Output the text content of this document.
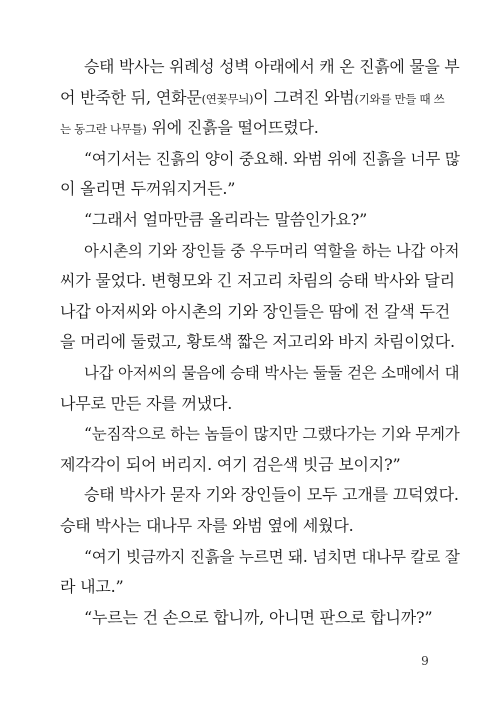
승태 박사는 위례성 성벽 아래에서 캐 온 진흙에 물을 부
어 반죽한 뒤, 연화문(연꽃무늬)이 그려진 와범(기와를 만들 때 쓰
는 동그란 나무틀) 위에 진흙을 떨어뜨렸다.
“여기서는 진흙의 양이 중요해. 와범 위에 진흙을 너무 많
이 올리면 두꺼워지거든.”
“그래서 얼마만큼 올리라는 말씀인가요?”
아시촌의 기와 장인들 중 우두머리 역할을 하는 나갑 아저
씨가 물었다. 변형모와 긴 저고리 차림의 승태 박사와 달리
나갑 아저씨와 아시촌의 기와 장인들은 땀에 전 갈색 두건
을 머리에 둘렀고, 황토색 짧은 저고리와 바지 차림이었다.
나갑 아저씨의 물음에 승태 박사는 둘둘 걷은 소매에서 대
나무로 만든 자를 꺼냈다.
“눈짐작으로 하는 놈들이 많지만 그랬다가는 기와 무게가
제각각이 되어 버리지. 여기 검은색 빗금 보이지?”
승태 박사가 묻자 기와 장인들이 모두 고개를 끄덕였다.
승태 박사는 대나무 자를 와범 옆에 세웠다.
“여기 빗금까지 진흙을 누르면 돼. 넘치면 대나무 칼로 잘
라 내고.”
“누르는 건 손으로 합니까, 아니면 판으로 합니까?”
9
